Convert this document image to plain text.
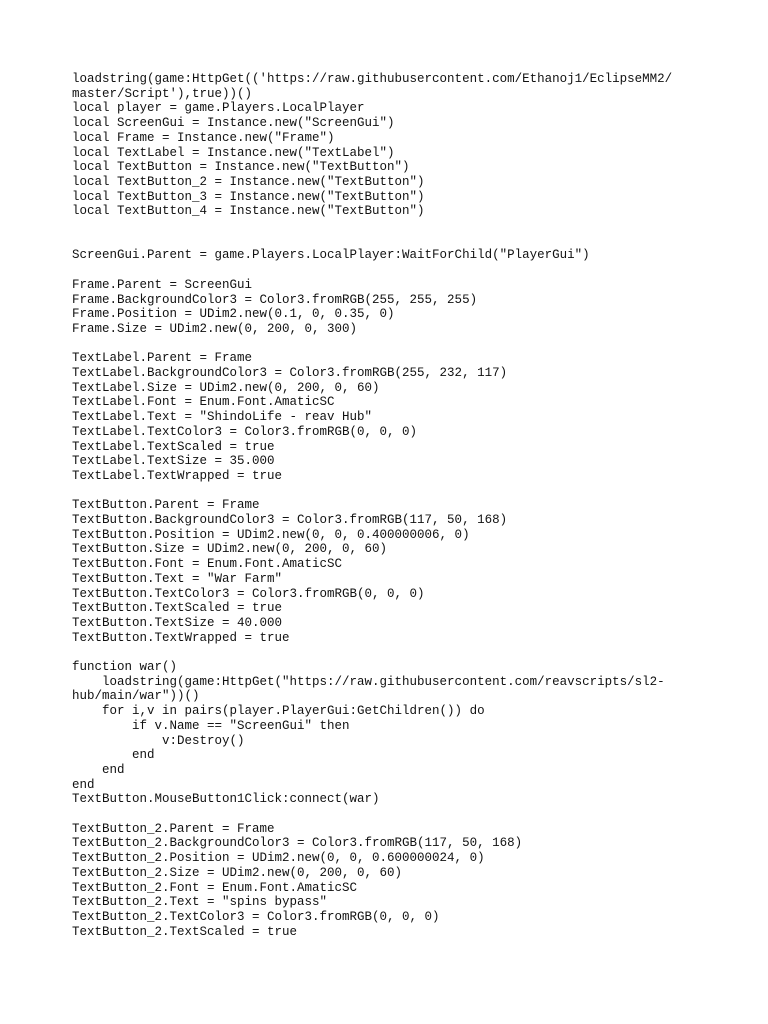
loadstring(game:HttpGet(('https://raw.githubusercontent.com/Ethanoj1/EclipseMM2/
master/Script'),true))()
local player = game.Players.LocalPlayer
local ScreenGui = Instance.new("ScreenGui")
local Frame = Instance.new("Frame")
local TextLabel = Instance.new("TextLabel")
local TextButton = Instance.new("TextButton")
local TextButton_2 = Instance.new("TextButton")
local TextButton_3 = Instance.new("TextButton")
local TextButton_4 = Instance.new("TextButton")
ScreenGui.Parent = game.Players.LocalPlayer:WaitForChild("PlayerGui")
Frame.Parent = ScreenGui
Frame.BackgroundColor3 = Color3.fromRGB(255, 255, 255)
Frame.Position = UDim2.new(0.1, 0, 0.35, 0)
Frame.Size = UDim2.new(0, 200, 0, 300)
TextLabel.Parent = Frame
TextLabel.BackgroundColor3 = Color3.fromRGB(255, 232, 117)
TextLabel.Size = UDim2.new(0, 200, 0, 60)
TextLabel.Font = Enum.Font.AmaticSC
TextLabel.Text = "ShindoLife - reav Hub"
TextLabel.TextColor3 = Color3.fromRGB(0, 0, 0)
TextLabel.TextScaled = true
TextLabel.TextSize = 35.000
TextLabel.TextWrapped = true
TextButton.Parent = Frame
TextButton.BackgroundColor3 = Color3.fromRGB(117, 50, 168)
TextButton.Position = UDim2.new(0, 0, 0.400000006, 0)
TextButton.Size = UDim2.new(0, 200, 0, 60)
TextButton.Font = Enum.Font.AmaticSC
TextButton.Text = "War Farm"
TextButton.TextColor3 = Color3.fromRGB(0, 0, 0)
TextButton.TextScaled = true
TextButton.TextSize = 40.000
TextButton.TextWrapped = true
function war()
loadstring(game:HttpGet("https://raw.githubusercontent.com/reavscripts/sl2-
hub/main/war"))()
for i,v in pairs(player.PlayerGui:GetChildren()) do
if v.Name == "ScreenGui" then
v:Destroy()
end
end
end
TextButton.MouseButton1Click:connect(war)
TextButton_2.Parent = Frame
TextButton_2.BackgroundColor3 = Color3.fromRGB(117, 50, 168)
TextButton_2.Position = UDim2.new(0, 0, 0.600000024, 0)
TextButton_2.Size = UDim2.new(0, 200, 0, 60)
TextButton_2.Font = Enum.Font.AmaticSC
TextButton_2.Text = "spins bypass"
TextButton_2.TextColor3 = Color3.fromRGB(0, 0, 0)
TextButton_2.TextScaled = true
